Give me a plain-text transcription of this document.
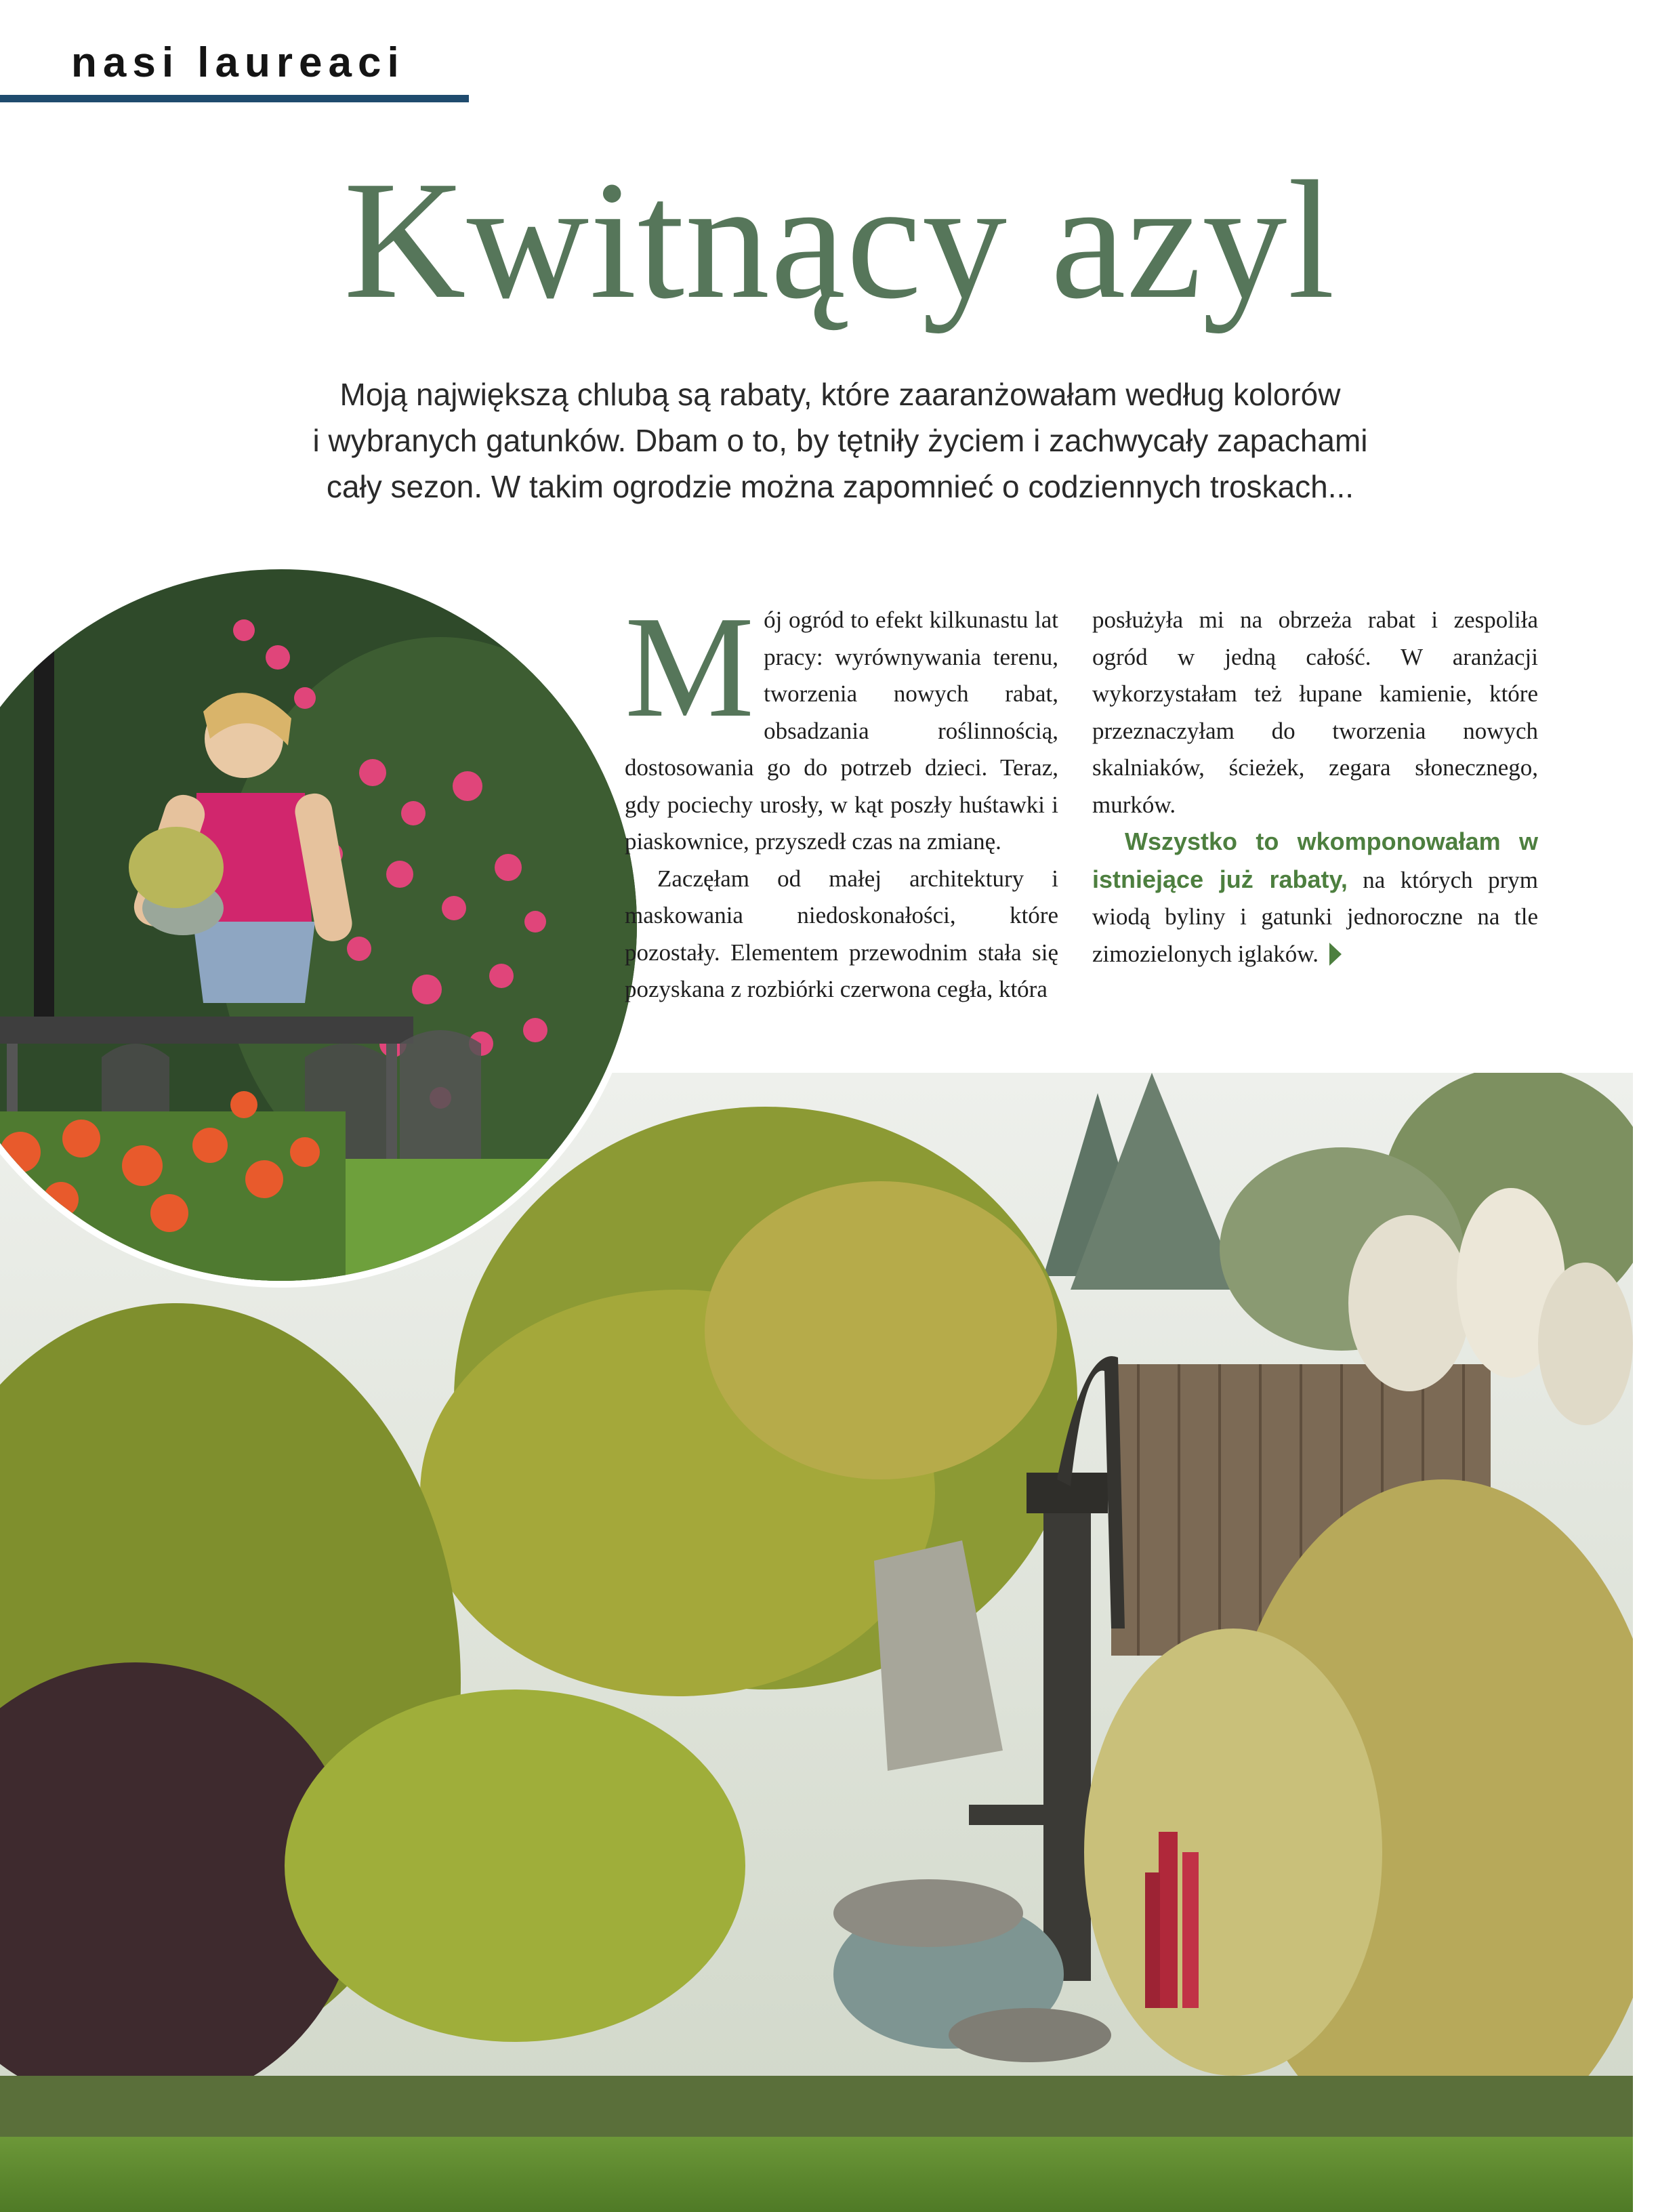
nasi laureaci
Kwitnący azyl
Moją największą chlubą są rabaty, które zaaranżowałam według kolorów
i wybranych gatunków. Dbam o to, by tętniły życiem i zachwycały zapachami
cały sezon. W takim ogrodzie można zapomnieć o codziennych troskach...
M ój ogród to efekt kilkunastu lat pracy: wyrównywania terenu, tworzenia nowych rabat, obsadzania roślinnością, dostosowania go do potrzeb dzieci. Teraz, gdy pociechy urosły, w kąt poszły huśtawki i piaskownice, przyszedł czas na zmianę.

Zaczęłam od małej architektury i maskowania niedoskonałości, które pozostały. Elementem przewodnim stała się pozyskana z rozbiórki czerwona cegła, która

posłużyła mi na obrzeża rabat i zespoliła ogród w jedną całość. W aranżacji wykorzystałam też łupane kamienie, które przeznaczyłam do tworzenia nowych skalniaków, ścieżek, zegara słonecznego, murków.

Wszystko to wkomponowałam w istniejące już rabaty, na których prym wiodą byliny i gatunki jednoroczne na tle zimozielonych iglaków.
